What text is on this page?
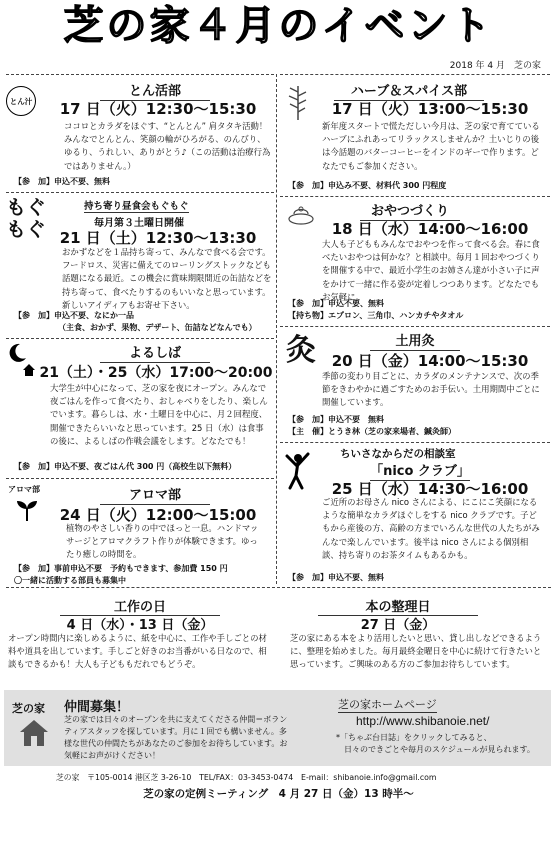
芝の家４月のイベント
2018 年 4 月　芝の家
とん汁
とん活部
17 日（火）12:30～15:30
ココロとカラダをほぐす、“とんとん” 肩タタキ活動！みんなでとんとん、笑顔の輪がひろがる、のんびり、ゆるり、うれしい、ありがとう♪（この活動は治療行為ではありません。）
【参　加】申込不要、無料
もぐもぐ
持ち寄り昼食会もぐもぐ
毎月第３土曜日開催
21 日（土）12:30～13:30
おかずなどを１品持ち寄って、みんなで食べる会です。フードロス、災害に備えてのローリングストックなども話題になる最近。この機会に賞味期限間近の缶詰などを持ち寄って、食べたりするのもいいなと思っています。新しいアイディアもお寄せ下さい。
【参　加】申込不要、なにか一品
（主食、おかず、果物、デザート、缶詰などなんでも）
よるしば
21（土）・25（水）17:00～20:00
大学生が中心になって、芝の家を夜にオープン。みんなで夜ごはんを作って食べたり、おしゃべりをしたり、楽しんでいます。暮らしは、水・土曜日を中心に、月２回程度、開催できたらいいなと思っています。25 日（水）は食事の後に、よるしばの作戦会議をします。どなたでも！
【参　加】申込不要、夜ごはん代 300 円（高校生以下無料）
アロマ部	アロマ部
24 日（火）12:00～15:00
植物のやさしい香りの中でほっと一息。ハンドマッサージとアロマクラフト作りが体験できます。ゆったり癒しの時間を。
【参　加】事前申込不要　予約もできます、参加費 150 円
〇一緒に活動する部員も募集中
ハーブ＆スパイス部
17 日（火）13:00～15:30
新年度スタートで慌ただしい今月は、芝の家で育てているハーブにふれあってリラックスしませんか？土いじりの後は今話題のバターコーヒーをインドのギーで作ります。どなたでもご参加ください。
【参　加】申込み不要、材料代 300 円程度
おやつづくり
18 日（水）14:00～16:00
大人も子どももみんなでおやつを作って食べる会。春に食べたいおやつは何かな？と相談中。毎月１回おやつづくりを開催する中で、最近小学生のお姉さん達が小さい子に声をかけて一緒に作る姿が定着しつつあります。どなたでもお気軽に。
【参　加】申込不要、無料
【持ち物】エプロン、三角巾、ハンカチやタオル
灸	土用灸
20 日（金）14:00～15:30
季節の変わり目ごとに、カラダのメンテナンスで、次の季節をきわやかに過ごすためのお手伝い。土用期間中ごとに開催しています。
【参　加】申込不要　無料
【主　催】とうき林（芝の家来場者、鍼灸師）
ちいさなからだの相談室
「nico クラブ」
25 日（水）14:30～16:00
ご近所のお母さん nico さんによる、にこにこ笑顔になるような簡単なカラダほぐしをする nico クラブです。子どもから産後の方、高齢の方までいろんな世代の人たちがみんなで楽しんでいます。後半は nico さんによる個別相談、持ち寄りのお茶タイムもあるかも。
【参　加】申込不要、無料
工作の日
4 日（水）・13 日（金）
オープン時間内に楽しめるように、紙を中心に、工作や手しごとの材料や道具を出しています。手しごと好きのお当番がいる日なので、相談もできるかも！大人も子どももだれでもどうぞ。
本の整理日
27 日（金）
芝の家にある本をより活用したいと思い、貸し出しなどできるように、整理を始めました。毎月最終金曜日を中心に続けて行きたいと思っています。ご興味のある方のご参加お待ちしています。
芝の家 仲間募集！
芝の家では日々のオープンを共に支えてくださる仲間＝ボランティアスタッフを探しています。月に１回でも構いません。多様な世代の仲間たちがあなたのご参加をお待ちしています。お気軽にお声がけください！
芝の家ホームページ
http://www.shibanoie.net/
*「ちゃぶ台日誌」をクリックしてみると、
　日々のできごとや毎月のスケジュールが見られます。
芝の家　〒105-0014 港区芝 3-26-10　TEL/FAX：03-3453-0474　E-mail：shibanoie.info@gmail.com
芝の家の定例ミーティング　4 月 27 日（金）13 時半～
